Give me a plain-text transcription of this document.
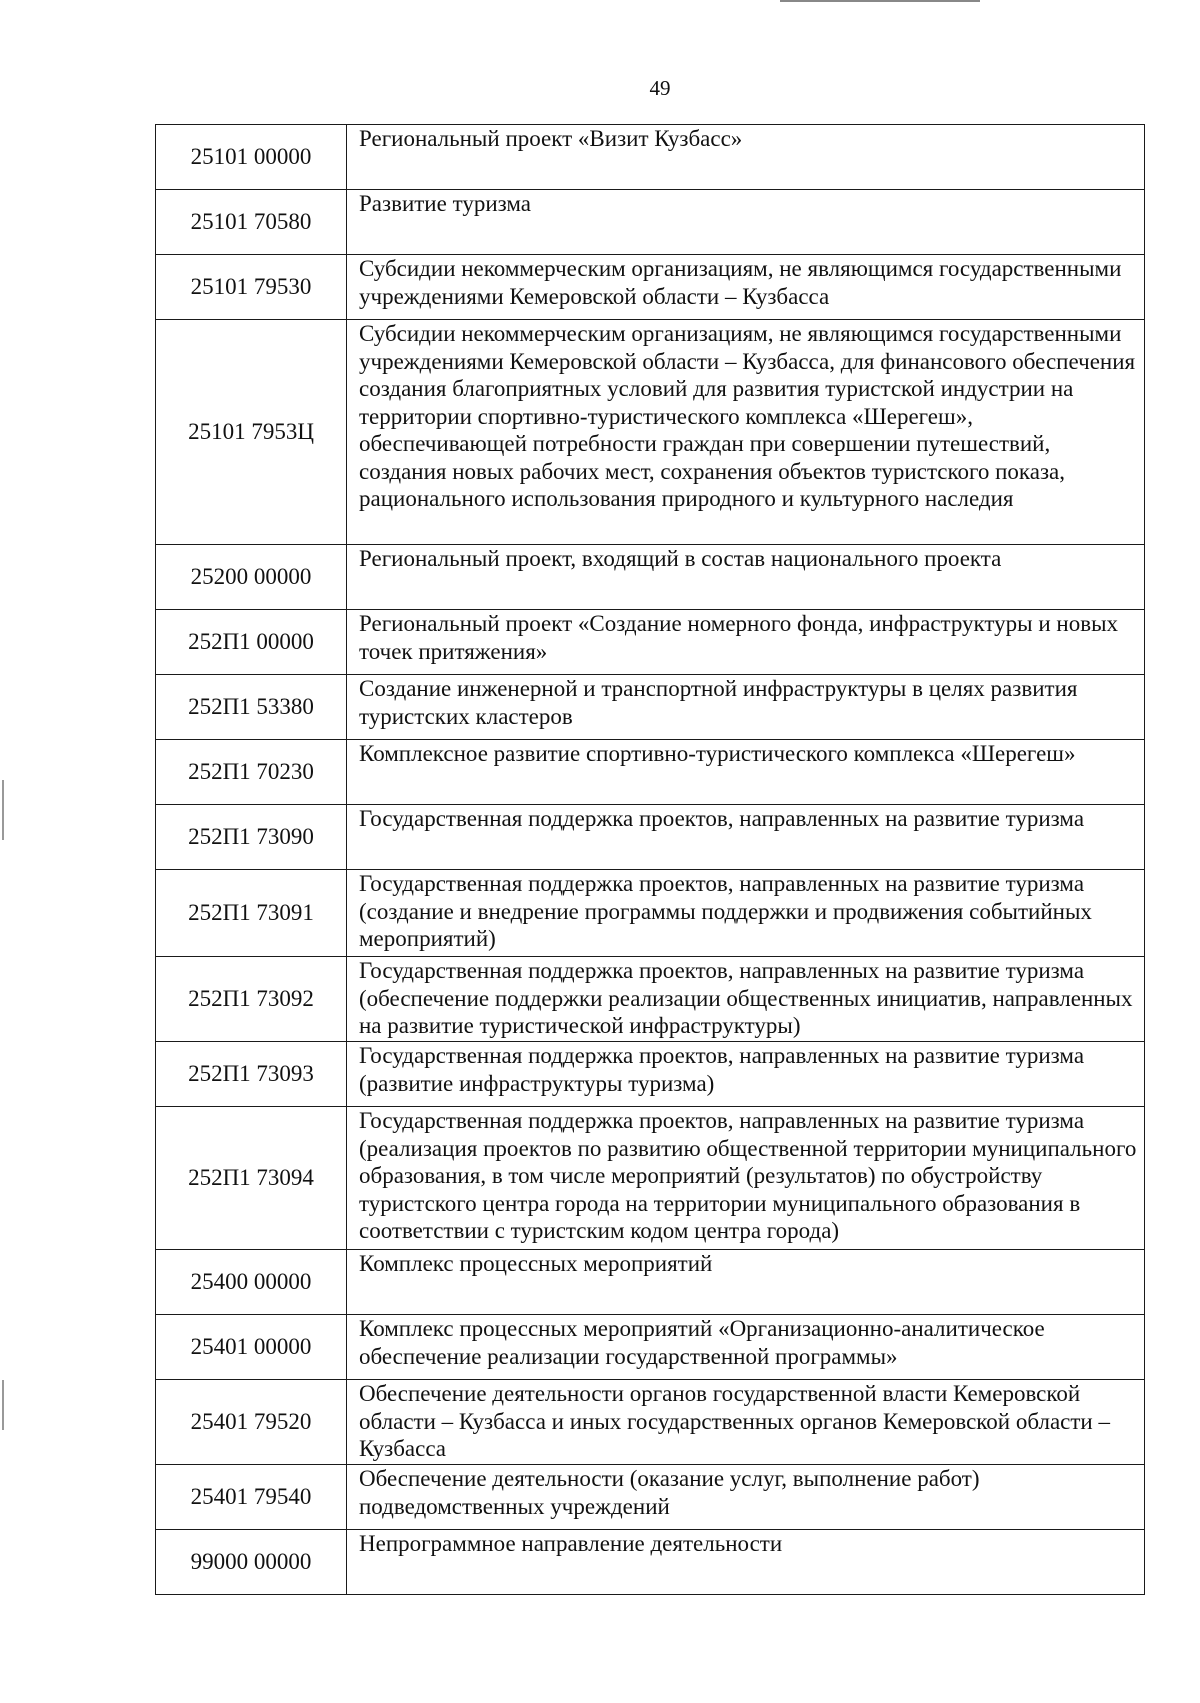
49
25101 00000	Региональный проект «Визит Кузбасс»
25101 70580	Развитие туризма
25101 79530	Субсидии некоммерческим организациям, не являющимся государственными учреждениями Кемеровской области – Кузбасса
25101 7953Ц	Субсидии некоммерческим организациям, не являющимся государственными учреждениями Кемеровской области – Кузбасса, для финансового обеспечения создания благоприятных условий для развития туристской индустрии на территории спортивно-туристического комплекса «Шерегеш», обеспечивающей потребности граждан при совершении путешествий, создания новых рабочих мест, сохранения объектов туристского показа, рационального использования природного и культурного наследия
25200 00000	Региональный проект, входящий в состав национального проекта
252П1 00000	Региональный проект «Создание номерного фонда, инфраструктуры и новых точек притяжения»
252П1 53380	Создание инженерной и транспортной инфраструктуры в целях развития туристских кластеров
252П1 70230	Комплексное развитие спортивно-туристического комплекса «Шерегеш»
252П1 73090	Государственная поддержка проектов, направленных на развитие туризма
252П1 73091	Государственная поддержка проектов, направленных на развитие туризма (создание и внедрение программы поддержки и продвижения событийных мероприятий)
252П1 73092	Государственная поддержка проектов, направленных на развитие туризма (обеспечение поддержки реализации общественных инициатив, направленных на развитие туристической инфраструктуры)
252П1 73093	Государственная поддержка проектов, направленных на развитие туризма (развитие инфраструктуры туризма)
252П1 73094	Государственная поддержка проектов, направленных на развитие туризма (реализация проектов по развитию общественной территории муниципального образования, в том числе мероприятий (результатов) по обустройству туристского центра города на территории муниципального образования в соответствии с туристским кодом центра города)
25400 00000	Комплекс процессных мероприятий
25401 00000	Комплекс процессных мероприятий «Организационно-аналитическое обеспечение реализации государственной программы»
25401 79520	Обеспечение деятельности органов государственной власти Кемеровской области – Кузбасса и иных государственных органов Кемеровской области – Кузбасса
25401 79540	Обеспечение деятельности (оказание услуг, выполнение работ) подведомственных учреждений
99000 00000	Непрограммное направление деятельности
